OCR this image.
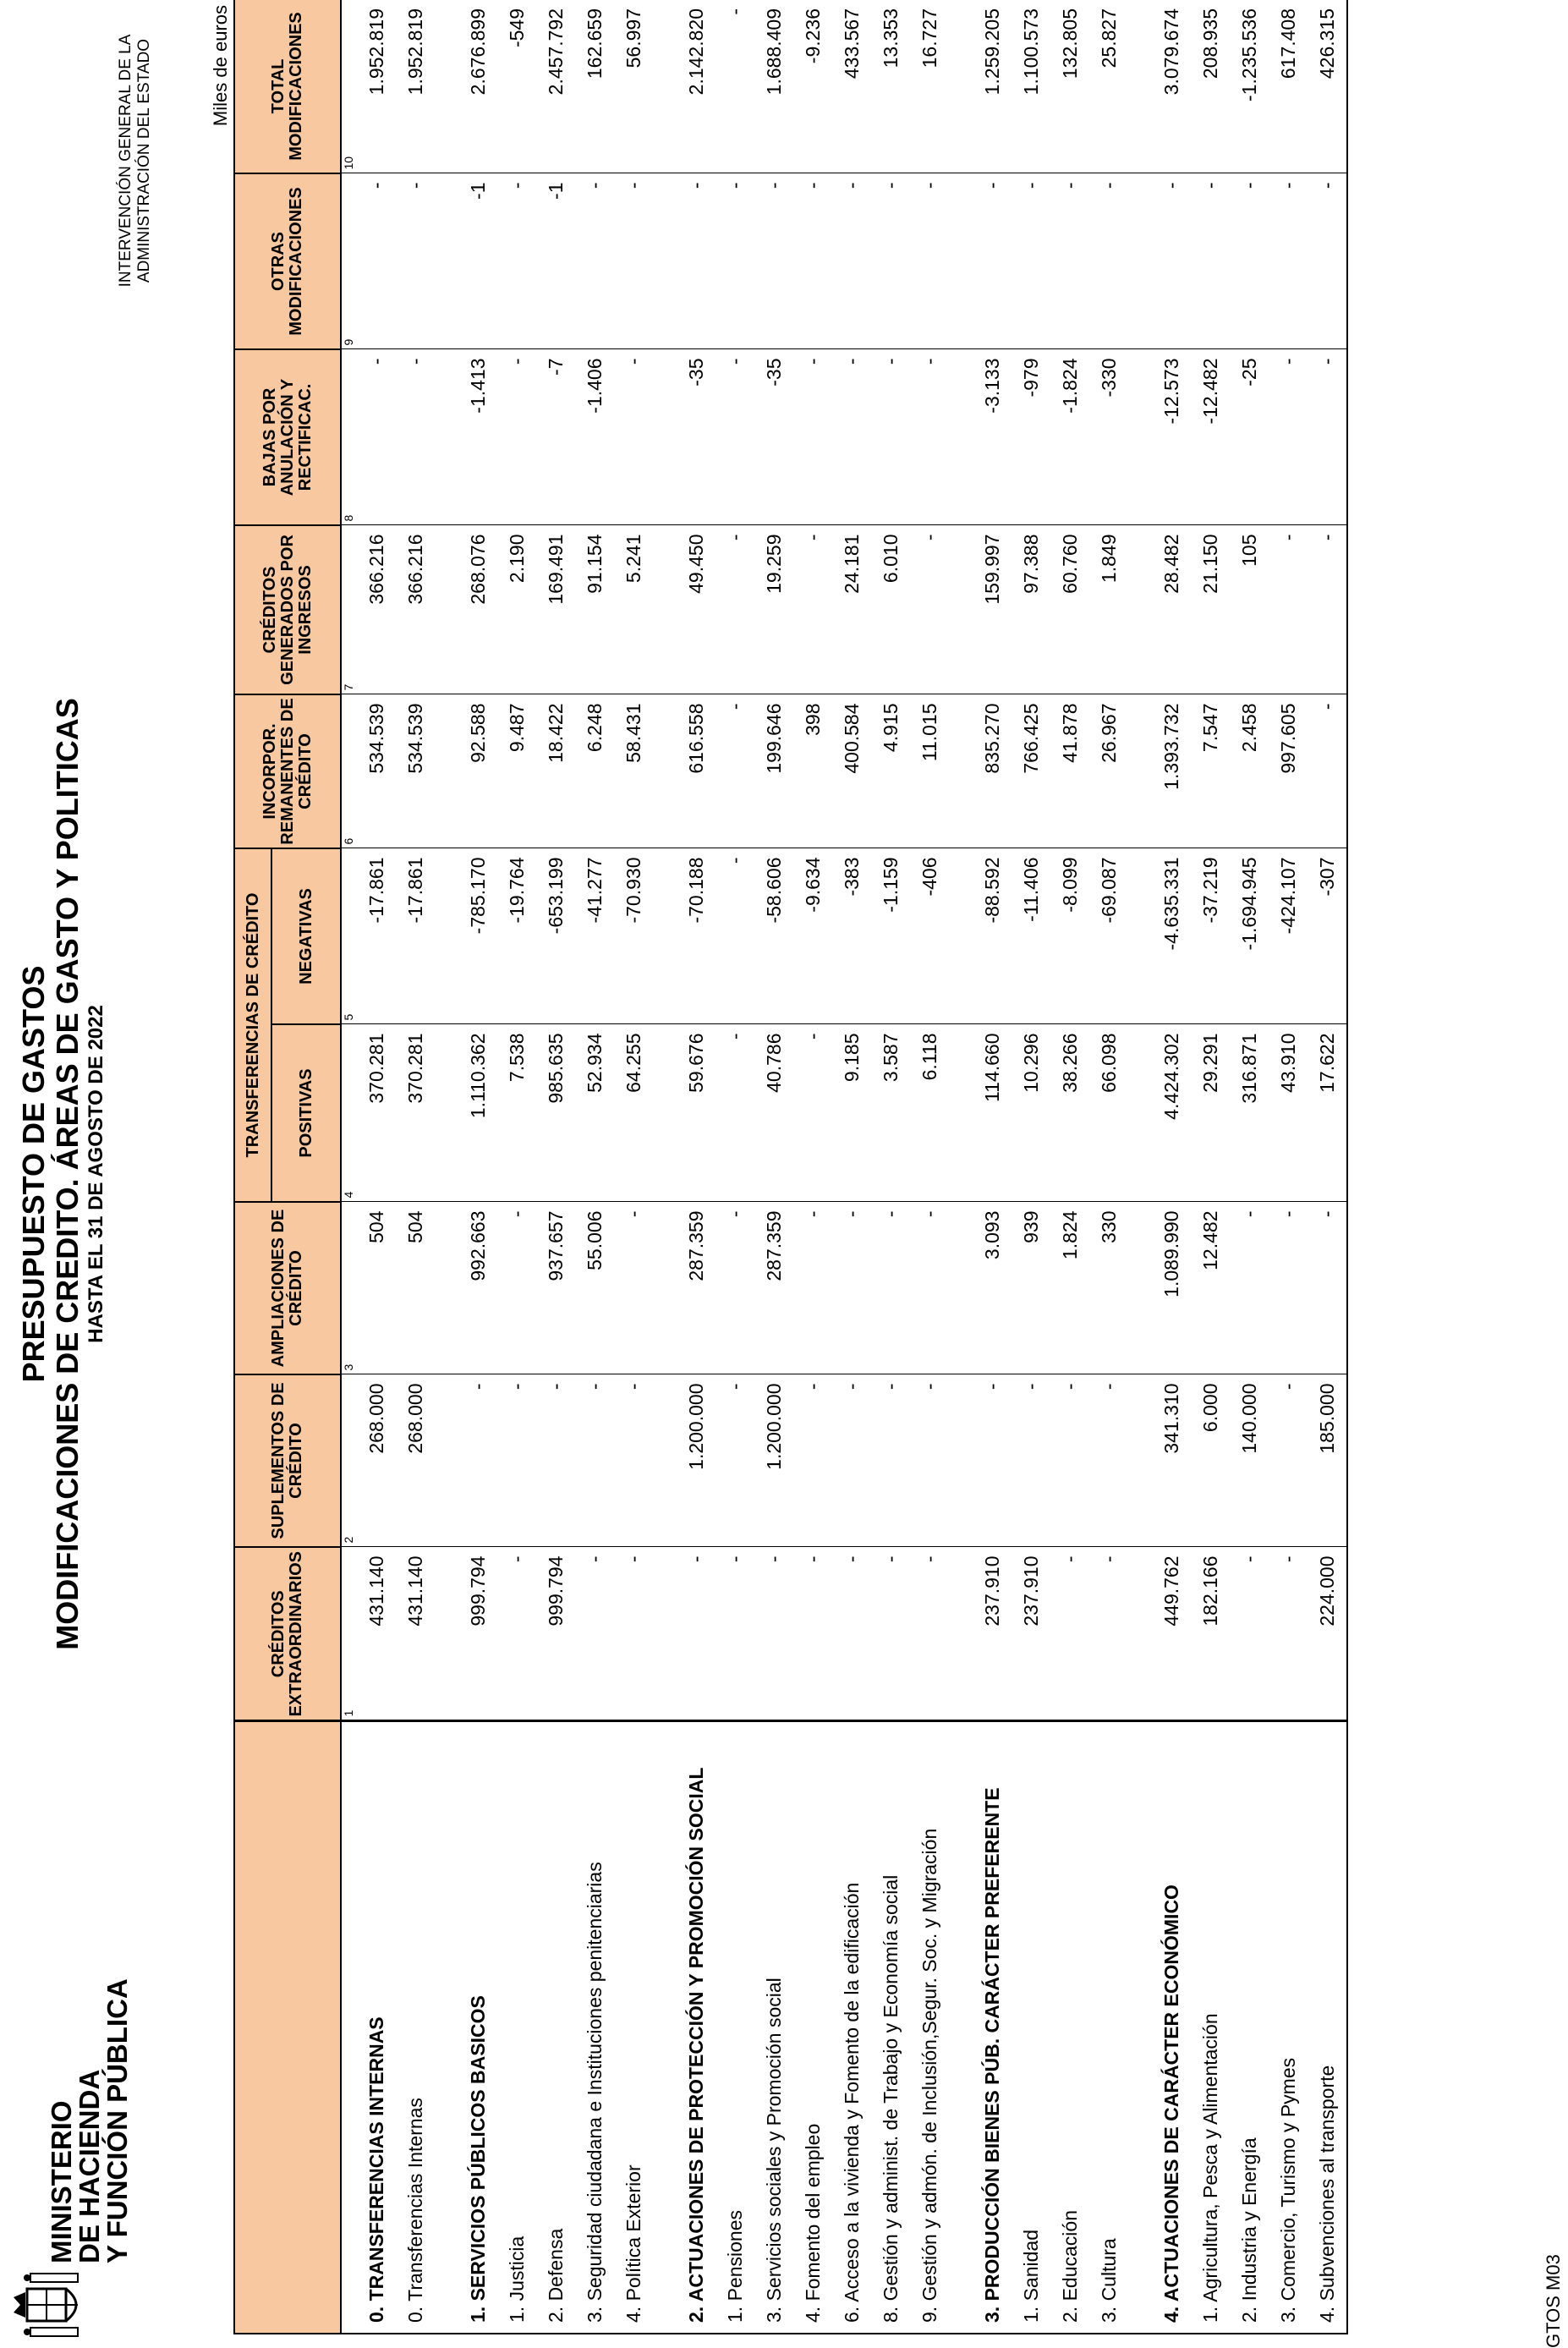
MINISTERIO
DE HACIENDA
Y FUNCIÓN PÚBLICA
PRESUPUESTO DE GASTOS MODIFICACIONES DE CREDITO. ÁREAS DE GASTO Y POLITICAS HASTA EL 31 DE AGOSTO DE 2022
INTERVENCIÓN GENERAL DE LA ADMINISTRACIÓN DEL ESTADO	Miles de euros
	CRÉDITOS EXTRAORDINARIOS	SUPLEMENTOS DE CRÉDITO	AMPLIACIONES DE CRÉDITO	TRANSFERENCIAS DE CRÉDITO		INCORPOR. REMANENTES DE CRÉDITO	CRÉDITOS GENERADOS POR INGRESOS	BAJAS POR ANULACIÓN Y RECTIFICAC.	OTRAS MODIFICACIONES	TOTAL MODIFICACIONES
				POSITIVAS	NEGATIVAS					
	1	2	3	4	5	6	7	8	9	10
0. TRANSFERENCIAS INTERNAS	431.140	268.000	504	370.281	-17.861	534.539	366.216	-	-	1.952.819
0. Transferencias Internas	431.140	268.000	504	370.281	-17.861	534.539	366.216	-	-	1.952.819

1. SERVICIOS PÚBLICOS BASICOS	999.794	-	992.663	1.110.362	-785.170	92.588	268.076	-1.413	-1	2.676.899
1. Justicia	-	-	-	7.538	-19.764	9.487	2.190	-	-	-549
2. Defensa	999.794	-	937.657	985.635	-653.199	18.422	169.491	-7	-1	2.457.792
3. Seguridad ciudadana e Instituciones penitenciarias	-	-	55.006	52.934	-41.277	6.248	91.154	-1.406	-	162.659
4. Política Exterior	-	-	-	64.255	-70.930	58.431	5.241	-	-	56.997

2. ACTUACIONES DE PROTECCIÓN Y PROMOCIÓN SOCIAL	-	1.200.000	287.359	59.676	-70.188	616.558	49.450	-35	-	2.142.820
1. Pensiones	-	-	-	-	-	-	-	-	-	-
3. Servicios sociales y Promoción social	-	1.200.000	287.359	40.786	-58.606	199.646	19.259	-35	-	1.688.409
4. Fomento del empleo	-	-	-	-	-9.634	398	-	-	-	-9.236
6. Acceso a la vivienda y Fomento de la edificación	-	-	-	9.185	-383	400.584	24.181	-	-	433.567
8. Gestión y administ. de Trabajo y Economía social	-	-	-	3.587	-1.159	4.915	6.010	-	-	13.353
9. Gestión y admón. de Inclusión,Segur. Soc. y Migración	-	-	-	6.118	-406	11.015	-	-	-	16.727

3. PRODUCCIÓN BIENES PÚB. CARÁCTER PREFERENTE	237.910	-	3.093	114.660	-88.592	835.270	159.997	-3.133	-	1.259.205
1. Sanidad	237.910	-	939	10.296	-11.406	766.425	97.388	-979	-	1.100.573
2. Educación	-	-	1.824	38.266	-8.099	41.878	60.760	-1.824	-	132.805
3. Cultura	-	-	330	66.098	-69.087	26.967	1.849	-330	-	25.827

4. ACTUACIONES DE CARÁCTER ECONÓMICO	449.762	341.310	1.089.990	4.424.302	-4.635.331	1.393.732	28.482	-12.573	-	3.079.674
1. Agricultura, Pesca y Alimentación	182.166	6.000	12.482	29.291	-37.219	7.547	21.150	-12.482	-	208.935
2. Industria y Energía	-	140.000	-	316.871	-1.694.945	2.458	105	-25	-	-1.235.536
3. Comercio, Turismo y Pymes	-	-	-	43.910	-424.107	997.605	-	-	-	617.408
4. Subvenciones al transporte	224.000	185.000	-	17.622	-307	-	-	-	-	426.315
GTOS M03
